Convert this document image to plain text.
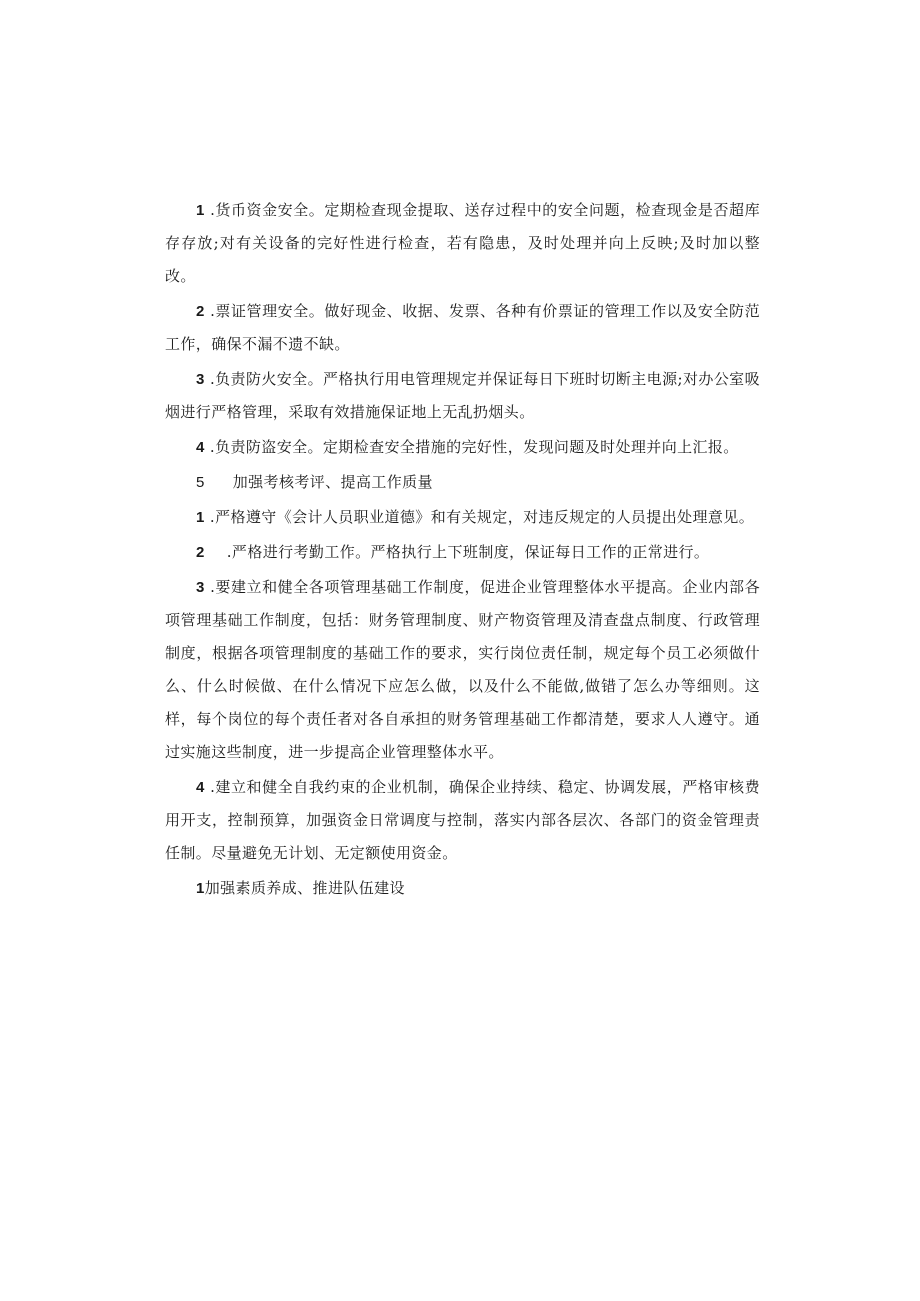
1 .货币资金安全。定期检查现金提取、送存过程中的安全问题，检查现金是否超库存存放;对有关设备的完好性进行检查，若有隐患，及时处理并向上反映;及时加以整改。

2 .票证管理安全。做好现金、收据、发票、各种有价票证的管理工作以及安全防范工作，确保不漏不遗不缺。

3 .负责防火安全。严格执行用电管理规定并保证每日下班时切断主电源;对办公室吸烟进行严格管理，采取有效措施保证地上无乱扔烟头。

4 .负责防盗安全。定期检查安全措施的完好性，发现问题及时处理并向上汇报。

5 加强考核考评、提高工作质量

1 .严格遵守《会计人员职业道德》和有关规定，对违反规定的人员提出处理意见。

2 .严格进行考勤工作。严格执行上下班制度，保证每日工作的正常进行。

3 .要建立和健全各项管理基础工作制度，促进企业管理整体水平提高。企业内部各项管理基础工作制度，包括：财务管理制度、财产物资管理及清查盘点制度、行政管理制度，根据各项管理制度的基础工作的要求，实行岗位责任制，规定每个员工必须做什么、什么时候做、在什么情况下应怎么做，以及什么不能做,做错了怎么办等细则。这样，每个岗位的每个责任者对各自承担的财务管理基础工作都清楚，要求人人遵守。通过实施这些制度，进一步提高企业管理整体水平。

4 .建立和健全自我约束的企业机制，确保企业持续、稳定、协调发展，严格审核费用开支，控制预算，加强资金日常调度与控制，落实内部各层次、各部门的资金管理责任制。尽量避免无计划、无定额使用资金。

1加强素质养成、推进队伍建设
